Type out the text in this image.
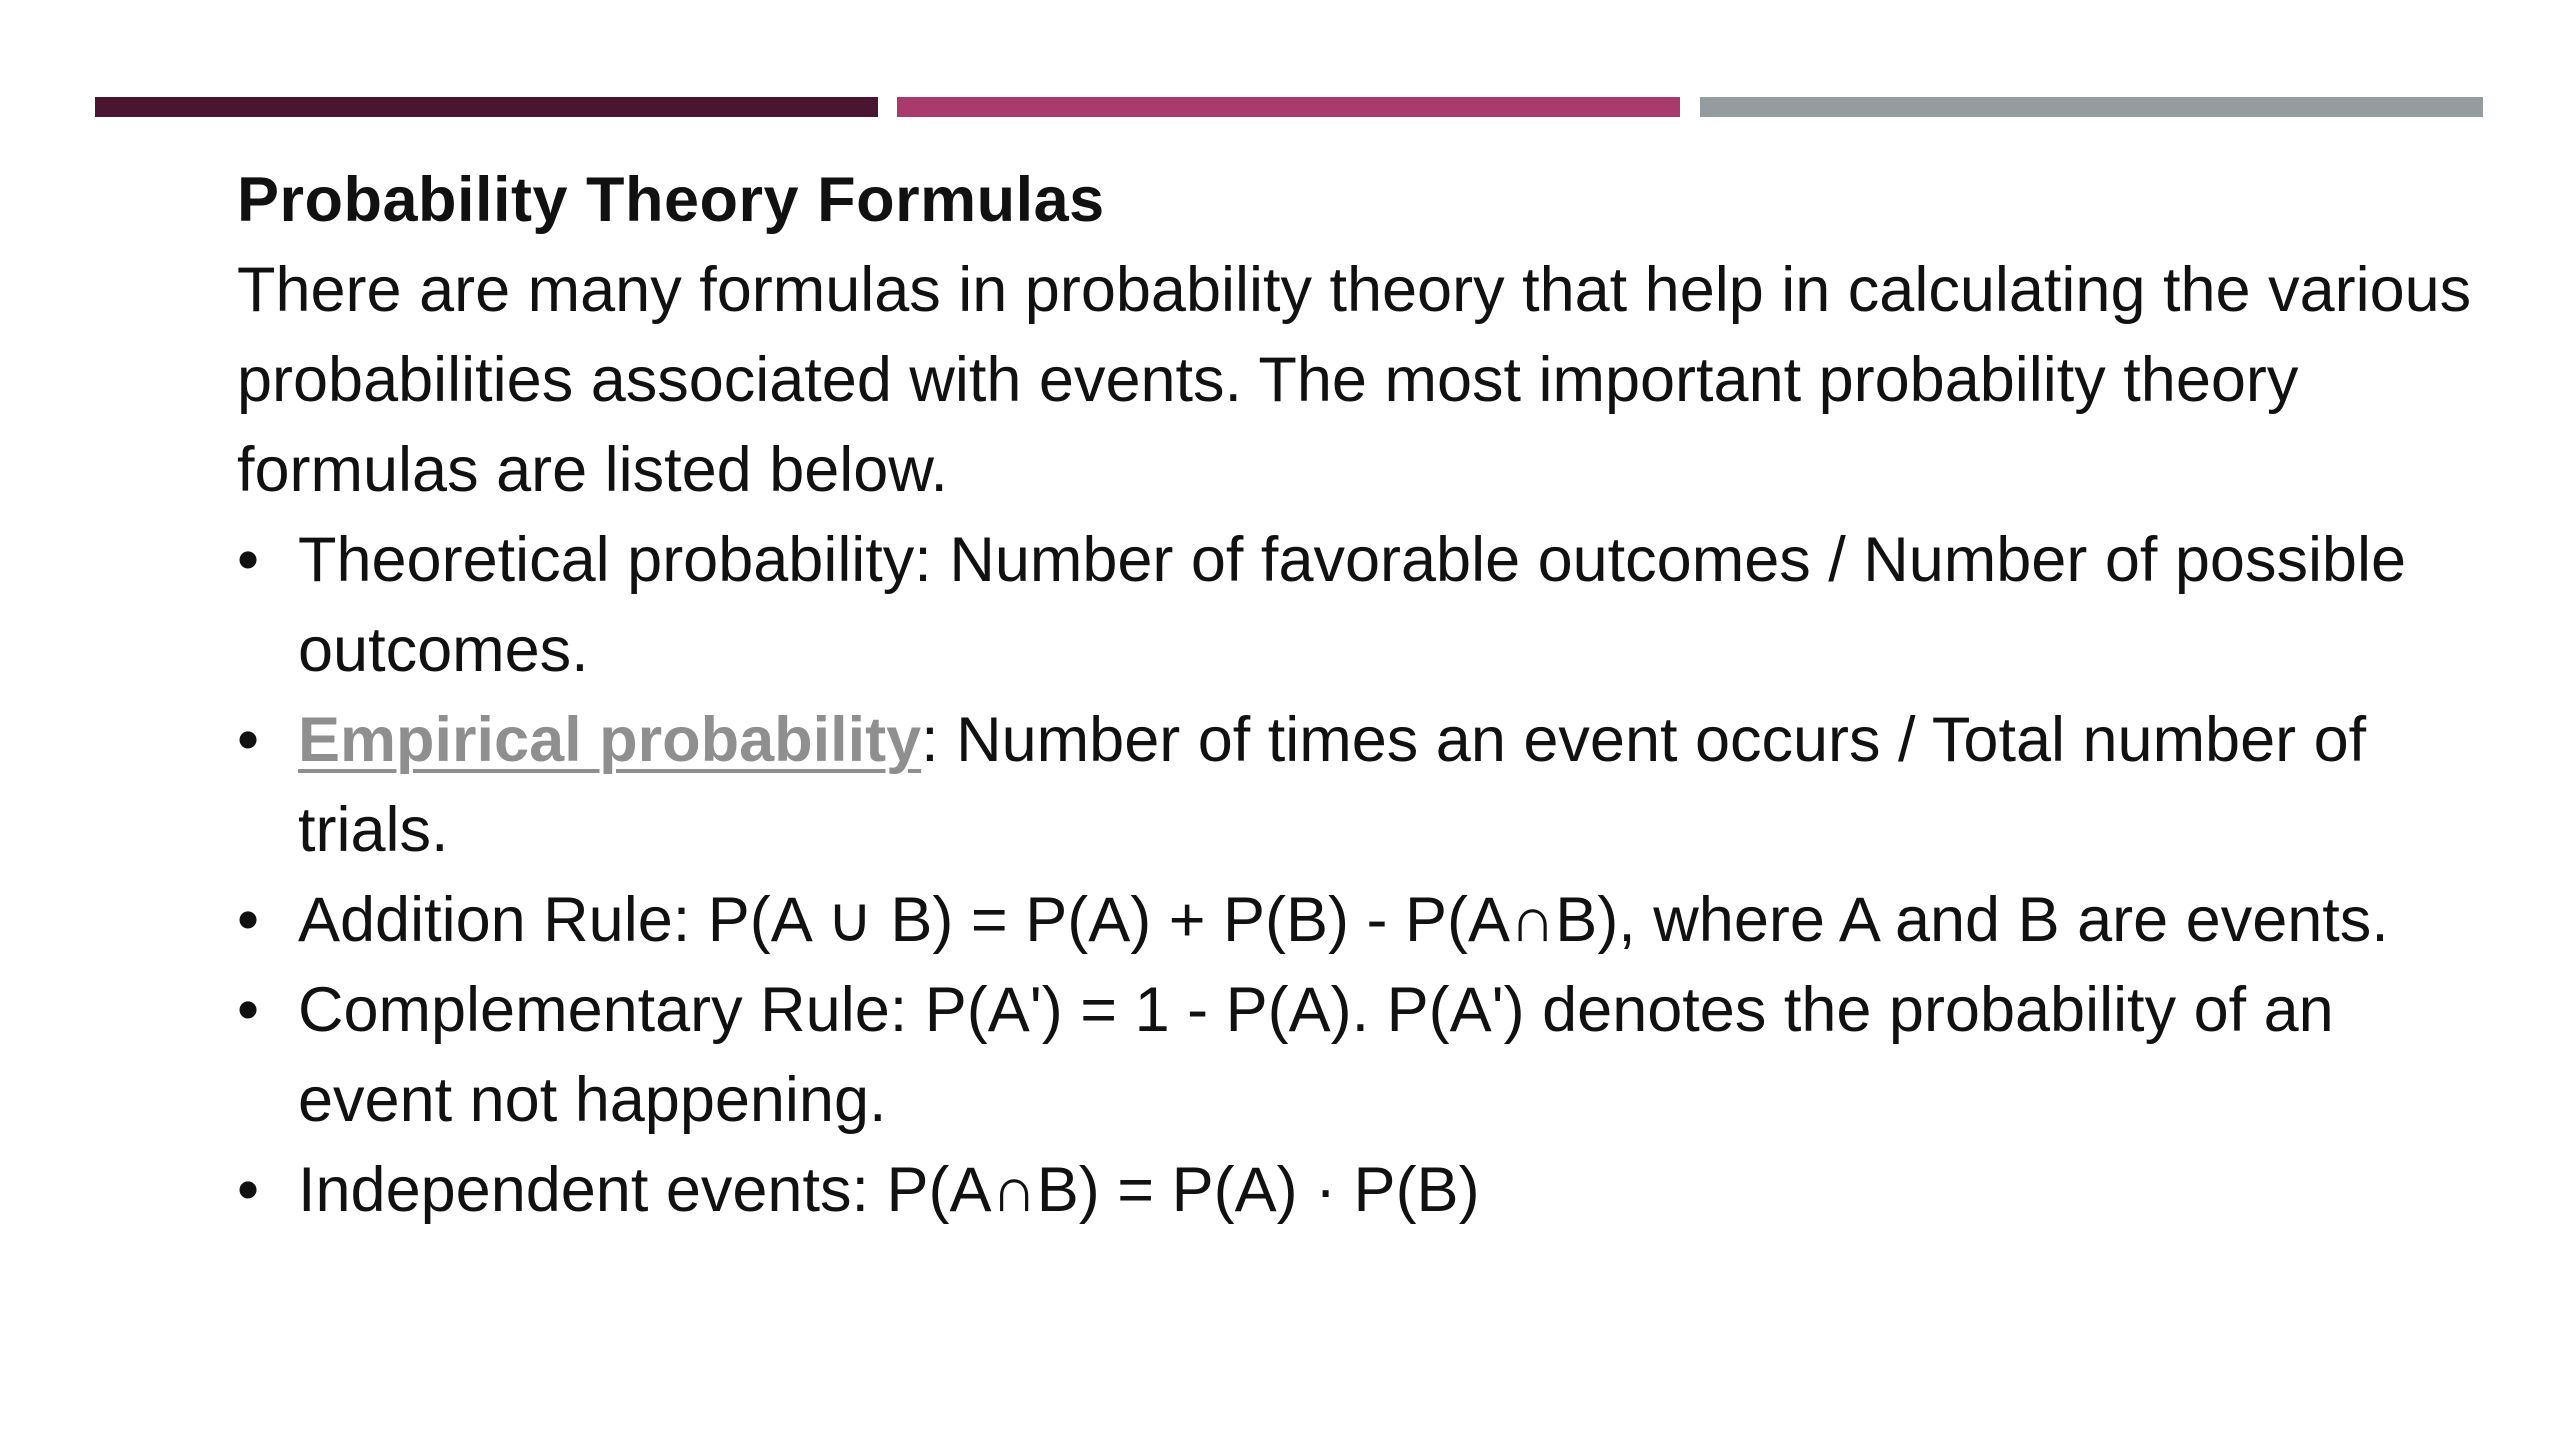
Probability Theory Formulas

There are many formulas in probability theory that help in calculating the various probabilities associated with events. The most important probability theory formulas are listed below.

• Theoretical probability: Number of favorable outcomes / Number of possible outcomes.
• Empirical probability: Number of times an event occurs / Total number of trials.
• Addition Rule: P(A ∪ B) = P(A) + P(B) - P(A∩B), where A and B are events.
• Complementary Rule: P(A') = 1 - P(A). P(A') denotes the probability of an event not happening.
• Independent events: P(A∩B) = P(A) · P(B)
